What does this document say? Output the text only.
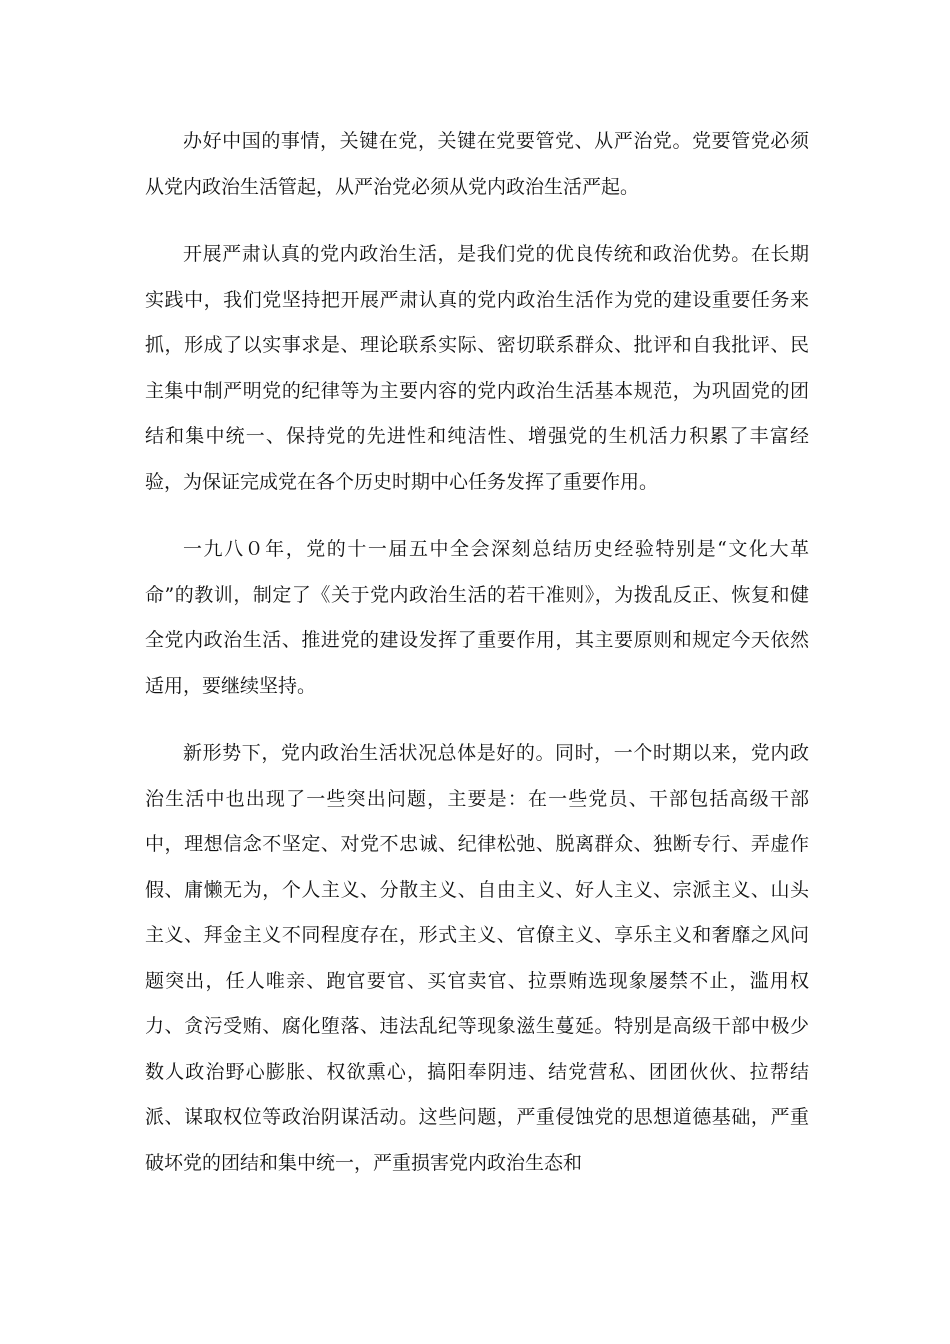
办好中国的事情，关键在党，关键在党要管党、从严治党。党要管党必须从党内政治生活管起，从严治党必须从党内政治生活严起。

开展严肃认真的党内政治生活，是我们党的优良传统和政治优势。在长期实践中，我们党坚持把开展严肃认真的党内政治生活作为党的建设重要任务来抓，形成了以实事求是、理论联系实际、密切联系群众、批评和自我批评、民主集中制严明党的纪律等为主要内容的党内政治生活基本规范，为巩固党的团结和集中统一、保持党的先进性和纯洁性、增强党的生机活力积累了丰富经验，为保证完成党在各个历史时期中心任务发挥了重要作用。

一九八０年，党的十一届五中全会深刻总结历史经验特别是“文化大革命”的教训，制定了《关于党内政治生活的若干准则》，为拨乱反正、恢复和健全党内政治生活、推进党的建设发挥了重要作用，其主要原则和规定今天依然适用，要继续坚持。

新形势下，党内政治生活状况总体是好的。同时，一个时期以来，党内政治生活中也出现了一些突出问题，主要是：在一些党员、干部包括高级干部中，理想信念不坚定、对党不忠诚、纪律松弛、脱离群众、独断专行、弄虚作假、庸懒无为，个人主义、分散主义、自由主义、好人主义、宗派主义、山头主义、拜金主义不同程度存在，形式主义、官僚主义、享乐主义和奢靡之风问题突出，任人唯亲、跑官要官、买官卖官、拉票贿选现象屡禁不止，滥用权力、贪污受贿、腐化堕落、违法乱纪等现象滋生蔓延。特别是高级干部中极少数人政治野心膨胀、权欲熏心，搞阳奉阴违、结党营私、团团伙伙、拉帮结派、谋取权位等政治阴谋活动。这些问题，严重侵蚀党的思想道德基础，严重破坏党的团结和集中统一，严重损害党内政治生态和
